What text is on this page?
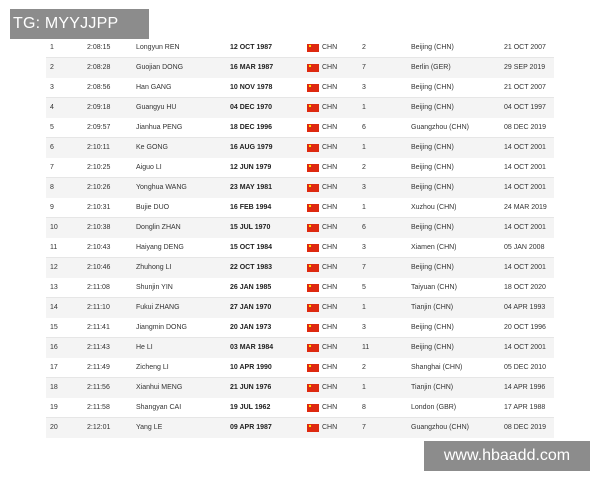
1	2:08:15	Longyun REN	12 OCT 1987	CHN	2	Beijing (CHN)	21 OCT 2007
2	2:08:28	Guojian DONG	16 MAR 1987	CHN	7	Berlin (GER)	29 SEP 2019
3	2:08:56	Han GANG	10 NOV 1978	CHN	3	Beijing (CHN)	21 OCT 2007
4	2:09:18	Guangyu HU	04 DEC 1970	CHN	1	Beijing (CHN)	04 OCT 1997
5	2:09:57	Jianhua PENG	18 DEC 1996	CHN	6	Guangzhou (CHN)	08 DEC 2019
6	2:10:11	Ke GONG	16 AUG 1979	CHN	1	Beijing (CHN)	14 OCT 2001
7	2:10:25	Aiguo LI	12 JUN 1979	CHN	2	Beijing (CHN)	14 OCT 2001
8	2:10:26	Yonghua WANG	23 MAY 1981	CHN	3	Beijing (CHN)	14 OCT 2001
9	2:10:31	Bujie DUO	16 FEB 1994	CHN	1	Xuzhou (CHN)	24 MAR 2019
10	2:10:38	Donglin ZHAN	15 JUL 1970	CHN	6	Beijing (CHN)	14 OCT 2001
11	2:10:43	Haiyang DENG	15 OCT 1984	CHN	3	Xiamen (CHN)	05 JAN 2008
12	2:10:46	Zhuhong LI	22 OCT 1983	CHN	7	Beijing (CHN)	14 OCT 2001
13	2:11:08	Shunjin YIN	26 JAN 1985	CHN	5	Taiyuan (CHN)	18 OCT 2020
14	2:11:10	Fukui ZHANG	27 JAN 1970	CHN	1	Tianjin (CHN)	04 APR 1993
15	2:11:41	Jiangmin DONG	20 JAN 1973	CHN	3	Beijing (CHN)	20 OCT 1996
16	2:11:43	He LI	03 MAR 1984	CHN	11	Beijing (CHN)	14 OCT 2001
17	2:11:49	Zicheng LI	10 APR 1990	CHN	2	Shanghai (CHN)	05 DEC 2010
18	2:11:56	Xianhui MENG	21 JUN 1976	CHN	1	Tianjin (CHN)	14 APR 1996
19	2:11:58	Shangyan CAI	19 JUL 1962	CHN	8	London (GBR)	17 APR 1988
20	2:12:01	Yang LE	09 APR 1987	CHN	7	Guangzhou (CHN)	08 DEC 2019
TG: MYYJJPP
www.hbaadd.com
